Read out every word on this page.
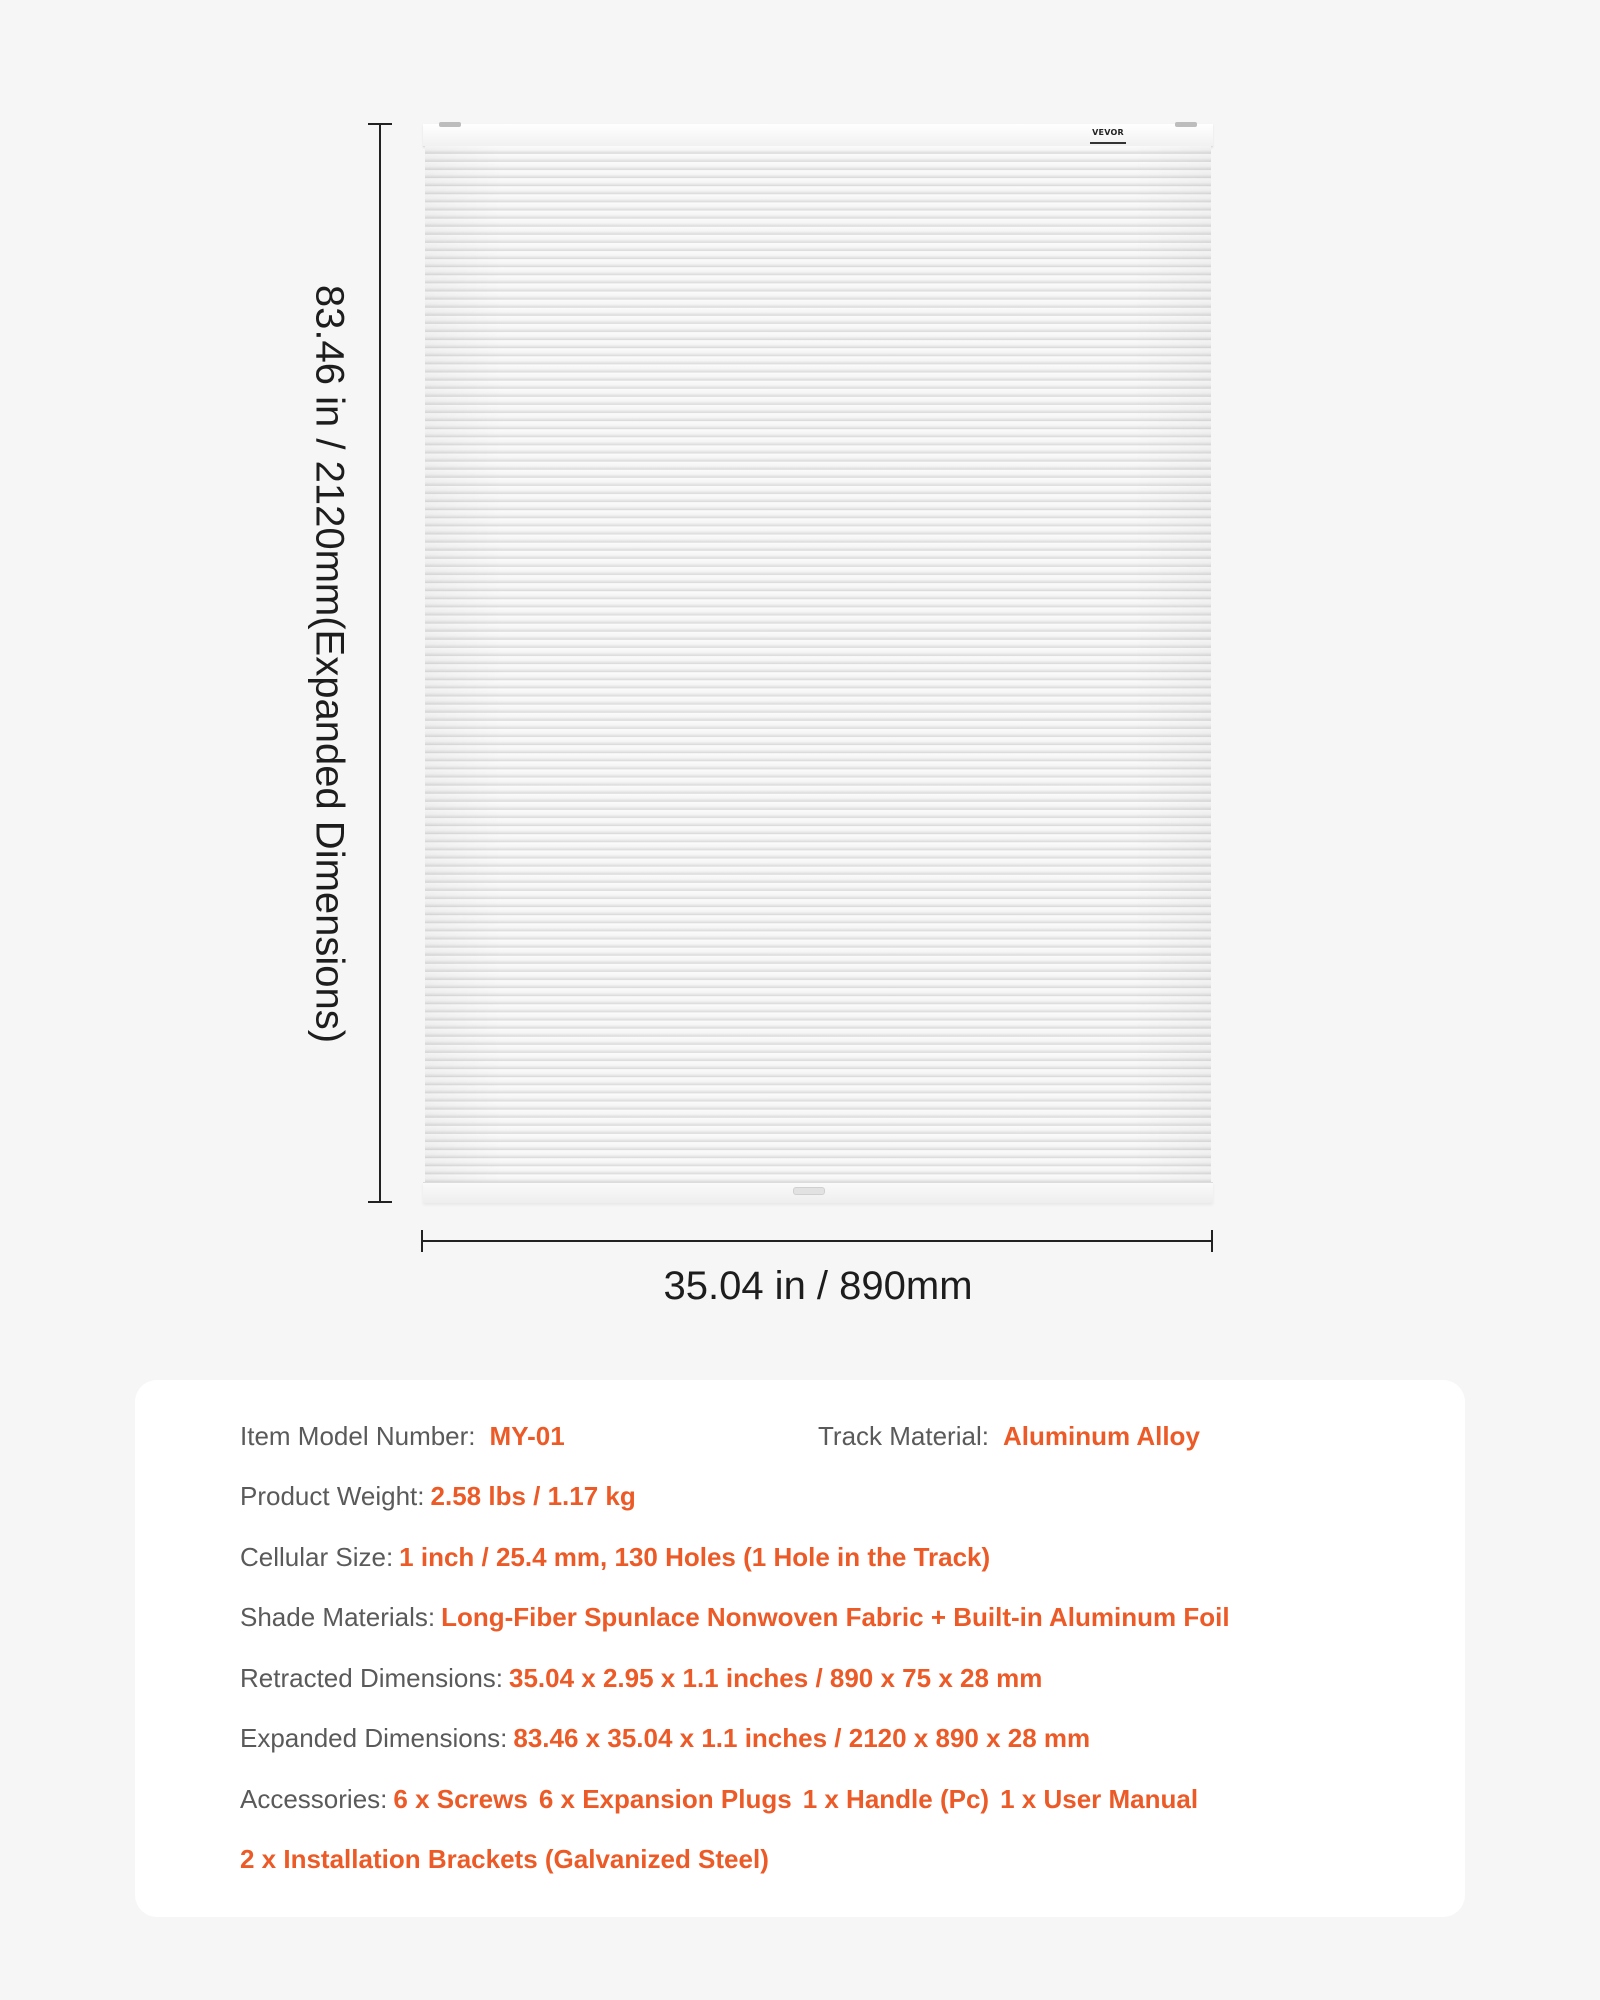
83.46 in / 2120mm(Expanded Dimensions)
VEVOR
35.04 in / 890mm
Item Model Number: MY-01	Track Material: Aluminum Alloy
Product Weight: 2.58 lbs / 1.17 kg
Cellular Size: 1 inch / 25.4 mm, 130 Holes (1 Hole in the Track)
Shade Materials: Long-Fiber Spunlace Nonwoven Fabric + Built-in Aluminum Foil
Retracted Dimensions: 35.04 x 2.95 x 1.1 inches / 890 x 75 x 28 mm
Expanded Dimensions: 83.46 x 35.04 x 1.1 inches / 2120 x 890 x 28 mm
Accessories: 6 x Screws 6 x Expansion Plugs 1 x Handle (Pc) 1 x User Manual
2 x Installation Brackets (Galvanized Steel)
